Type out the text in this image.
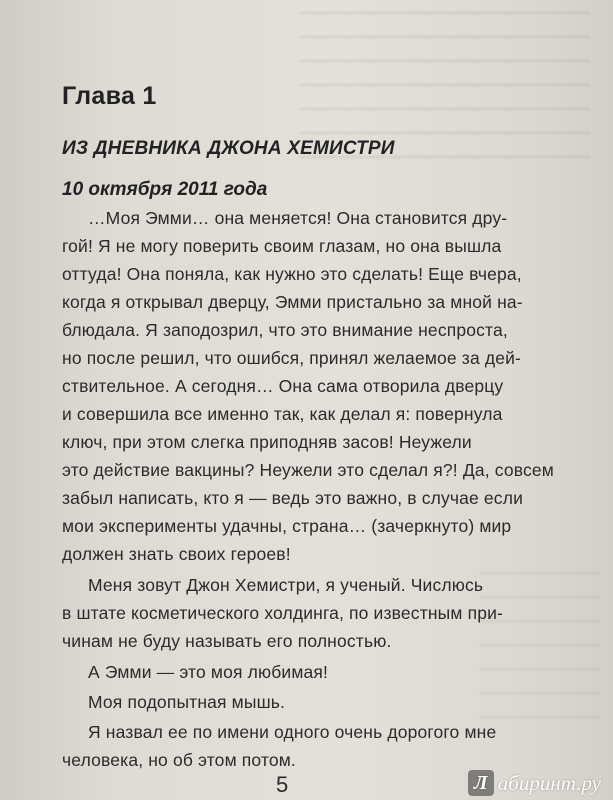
Глава 1
ИЗ ДНЕВНИКА ДЖОНА ХЕМИСТРИ
10 октября 2011 года
…Моя Эмми… она меняется! Она становится дру-
гой! Я не могу поверить своим глазам, но она вышла
оттуда! Она поняла, как нужно это сделать! Еще вчера,
когда я открывал дверцу, Эмми пристально за мной на-
блюдала. Я заподозрил, что это внимание неспроста,
но после решил, что ошибся, принял желаемое за дей-
ствительное. А сегодня… Она сама отворила дверцу
и совершила все именно так, как делал я: повернула
ключ, при этом слегка приподняв засов! Неужели
это действие вакцины? Неужели это сделал я?! Да, совсем
забыл написать, кто я — ведь это важно, в случае если
мои эксперименты удачны, страна… (зачеркнуто) мир
должен знать своих героев!
Меня зовут Джон Хемистри, я ученый. Числюсь
в штате косметического холдинга, по известным при-
чинам не буду называть его полностью.
А Эмми — это моя любимая!
Моя подопытная мышь.
Я назвал ее по имени одного очень дорогого мне
человека, но об этом потом.
5	Л абиринт.ру
